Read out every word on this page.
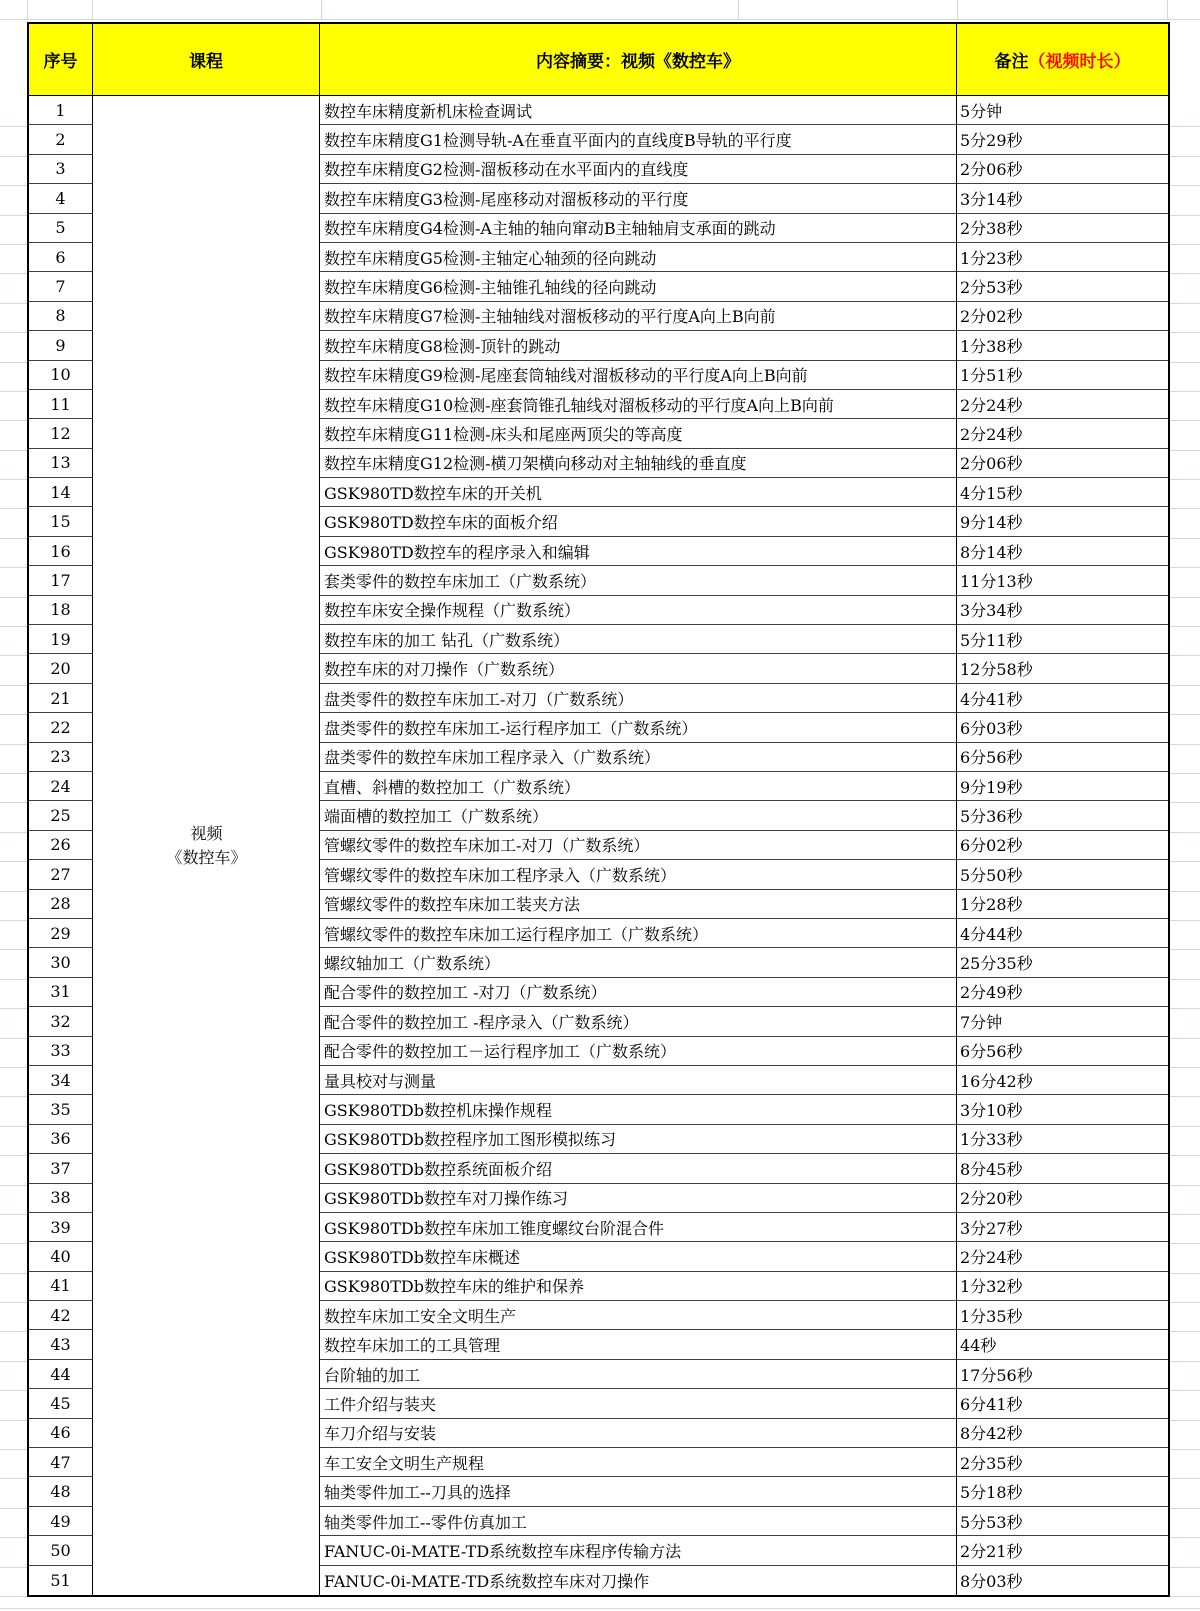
序号	课程	内容摘要：视频《数控车》	备注 （视频时长）
视频
《数控车》
1	数控车床精度新机床检查调试	5分钟
2	数控车床精度G1检测导轨-A在垂直平面内的直线度B导轨的平行度	5分29秒
3	数控车床精度G2检测-溜板移动在水平面内的直线度	2分06秒
4	数控车床精度G3检测-尾座移动对溜板移动的平行度	3分14秒
5	数控车床精度G4检测-A主轴的轴向窜动B主轴轴肩支承面的跳动	2分38秒
6	数控车床精度G5检测-主轴定心轴颈的径向跳动	1分23秒
7	数控车床精度G6检测-主轴锥孔轴线的径向跳动	2分53秒
8	数控车床精度G7检测-主轴轴线对溜板移动的平行度A向上B向前	2分02秒
9	数控车床精度G8检测-顶针的跳动	1分38秒
10	数控车床精度G9检测-尾座套筒轴线对溜板移动的平行度A向上B向前	1分51秒
11	数控车床精度G10检测-座套筒锥孔轴线对溜板移动的平行度A向上B向前	2分24秒
12	数控车床精度G11检测-床头和尾座两顶尖的等高度	2分24秒
13	数控车床精度G12检测-横刀架横向移动对主轴轴线的垂直度	2分06秒
14	GSK980TD数控车床的开关机	4分15秒
15	GSK980TD数控车床的面板介绍	9分14秒
16	GSK980TD数控车的程序录入和编辑	8分14秒
17	套类零件的数控车床加工（广数系统）	11分13秒
18	数控车床安全操作规程（广数系统）	3分34秒
19	数控车床的加工 钻孔（广数系统）	5分11秒
20	数控车床的对刀操作（广数系统）	12分58秒
21	盘类零件的数控车床加工-对刀（广数系统）	4分41秒
22	盘类零件的数控车床加工-运行程序加工（广数系统）	6分03秒
23	盘类零件的数控车床加工程序录入（广数系统）	6分56秒
24	直槽、斜槽的数控加工（广数系统）	9分19秒
25	端面槽的数控加工（广数系统）	5分36秒
26	管螺纹零件的数控车床加工-对刀（广数系统）	6分02秒
27	管螺纹零件的数控车床加工程序录入（广数系统）	5分50秒
28	管螺纹零件的数控车床加工装夹方法	1分28秒
29	管螺纹零件的数控车床加工运行程序加工（广数系统）	4分44秒
30	螺纹轴加工（广数系统）	25分35秒
31	配合零件的数控加工 -对刀（广数系统）	2分49秒
32	配合零件的数控加工 -程序录入（广数系统）	7分钟
33	配合零件的数控加工－运行程序加工（广数系统）	6分56秒
34	量具校对与测量	16分42秒
35	GSK980TDb数控机床操作规程	3分10秒
36	GSK980TDb数控程序加工图形模拟练习	1分33秒
37	GSK980TDb数控系统面板介绍	8分45秒
38	GSK980TDb数控车对刀操作练习	2分20秒
39	GSK980TDb数控车床加工锥度螺纹台阶混合件	3分27秒
40	GSK980TDb数控车床概述	2分24秒
41	GSK980TDb数控车床的维护和保养	1分32秒
42	数控车床加工安全文明生产	1分35秒
43	数控车床加工的工具管理	44秒
44	台阶轴的加工	17分56秒
45	工件介绍与装夹	6分41秒
46	车刀介绍与安装	8分42秒
47	车工安全文明生产规程	2分35秒
48	轴类零件加工--刀具的选择	5分18秒
49	轴类零件加工--零件仿真加工	5分53秒
50	FANUC-0i-MATE-TD系统数控车床程序传输方法	2分21秒
51	FANUC-0i-MATE-TD系统数控车床对刀操作	8分03秒
